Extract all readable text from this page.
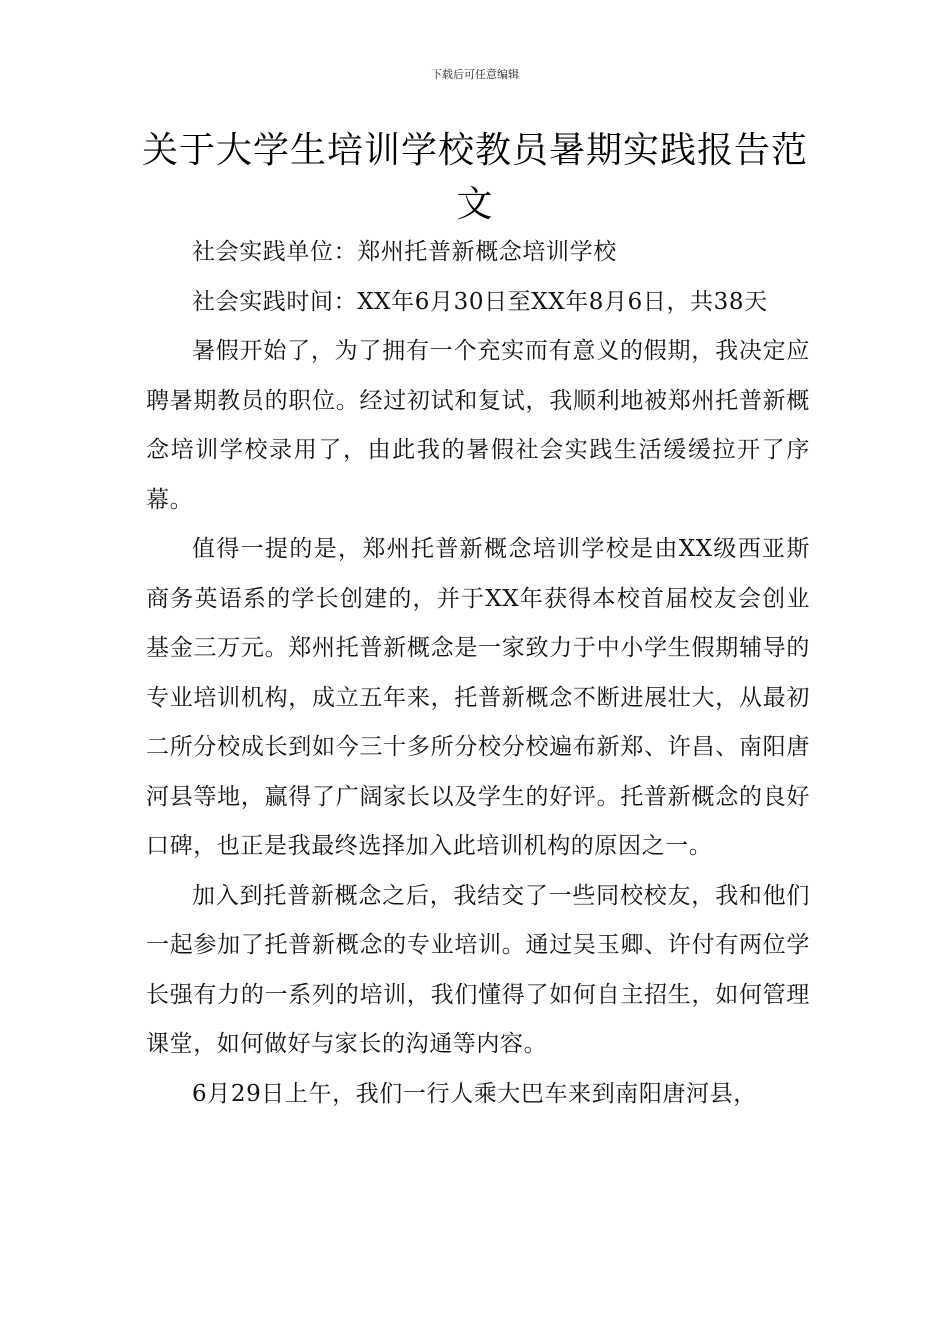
下载后可任意编辑
关于大学生培训学校教员暑期实践报告范文

社会实践单位：郑州托普新概念培训学校

社会实践时间：XX年6月30日至XX年8月6日，共38天

暑假开始了，为了拥有一个充实而有意义的假期，我决定应聘暑期教员的职位。经过初试和复试，我顺利地被郑州托普新概念培训学校录用了，由此我的暑假社会实践生活缓缓拉开了序幕。

值得一提的是，郑州托普新概念培训学校是由XX级西亚斯商务英语系的学长创建的，并于XX年获得本校首届校友会创业基金三万元。郑州托普新概念是一家致力于中小学生假期辅导的专业培训机构，成立五年来，托普新概念不断进展壮大，从最初二所分校成长到如今三十多所分校分校遍布新郑、许昌、南阳唐河县等地，赢得了广阔家长以及学生的好评。托普新概念的良好口碑，也正是我最终选择加入此培训机构的原因之一。

加入到托普新概念之后，我结交了一些同校校友，我和他们一起参加了托普新概念的专业培训。通过吴玉卿、许付有两位学长强有力的一系列的培训，我们懂得了如何自主招生，如何管理课堂，如何做好与家长的沟通等内容。

6月29日上午，我们一行人乘大巴车来到南阳唐河县，
